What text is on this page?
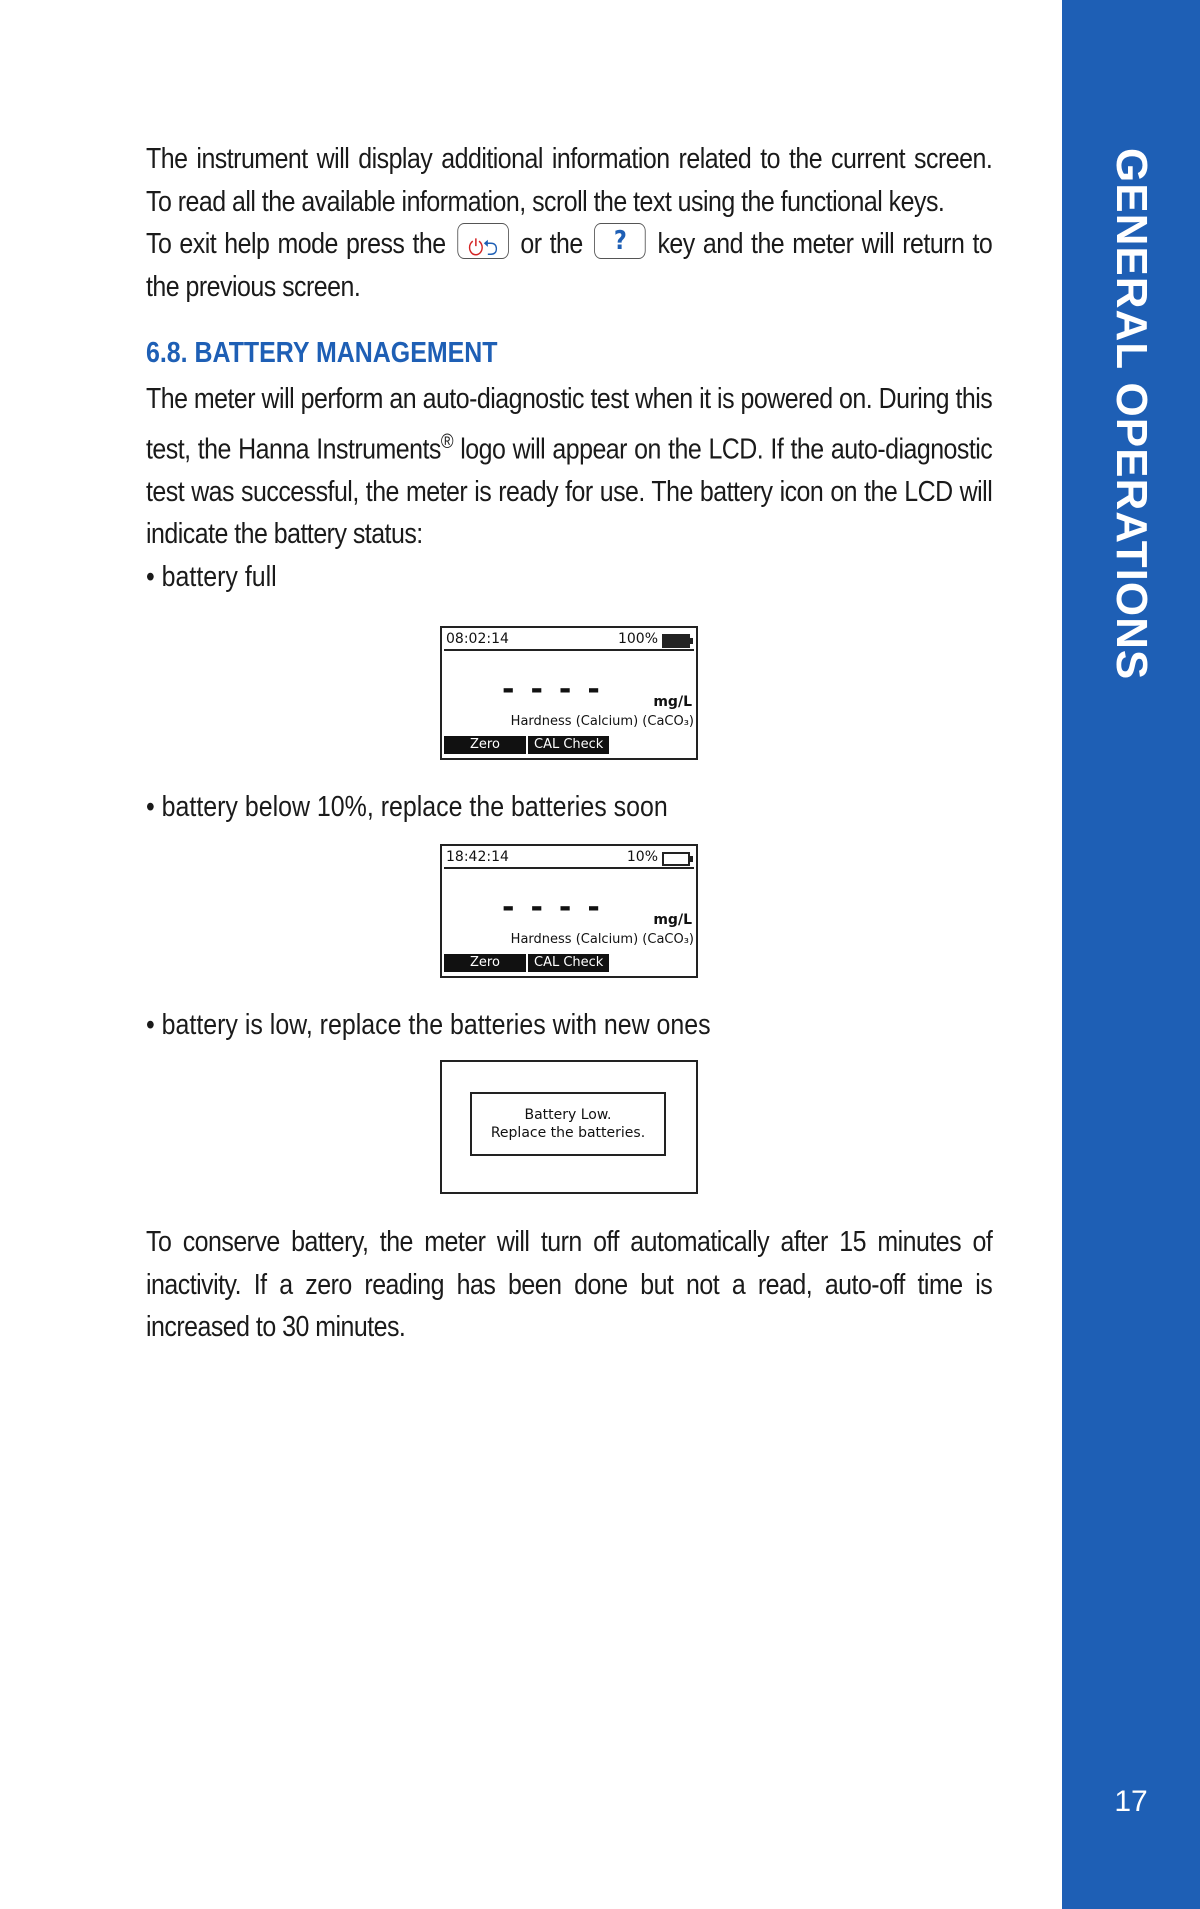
The instrument will display additional information related to the current screen. To read all the available information, scroll the text using the functional keys.

To exit help mode press the ⏻⮌ or the ? key and the meter will return to the previous screen.

6.8. BATTERY MANAGEMENT

The meter will perform an auto-diagnostic test when it is powered on. During this test, the Hanna Instruments® logo will appear on the LCD. If the auto-diagnostic test was successful, the meter is ready for use. The battery icon on the LCD will indicate the battery status:

• battery full

08:02:14	100%
----	mg/L
Hardness (Calcium) (CaCO₃)
Zero	CAL Check

• battery below 10%, replace the batteries soon

18:42:14	10%
----	mg/L
Hardness (Calcium) (CaCO₃)
Zero	CAL Check

• battery is low, replace the batteries with new ones

Battery Low.
Replace the batteries.

To conserve battery, the meter will turn off automatically after 15 minutes of inactivity. If a zero reading has been done but not a read, auto-off time is increased to 30 minutes.

GENERAL OPERATIONS
17
